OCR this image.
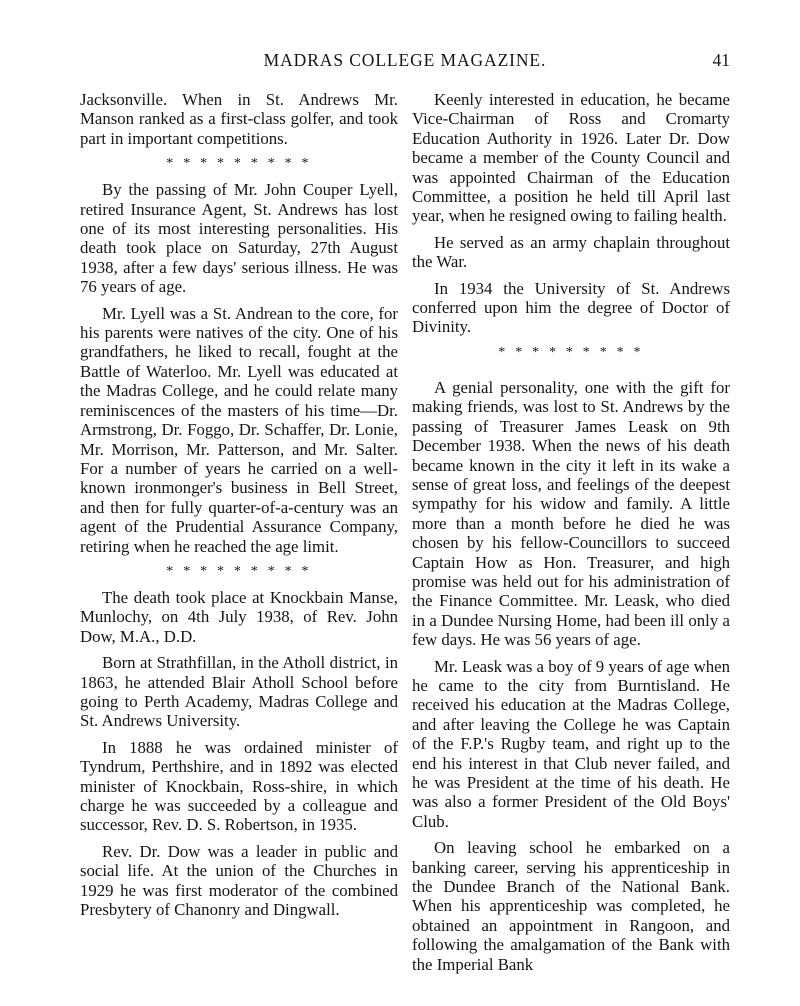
MADRAS COLLEGE MAGAZINE.	41

Jacksonville. When in St. Andrews Mr. Manson ranked as a first-class golfer, and took part in important competitions.

* * * * * * * * *

By the passing of Mr. John Couper Lyell, retired Insurance Agent, St. Andrews has lost one of its most interesting personalities. His death took place on Saturday, 27th August 1938, after a few days' serious illness. He was 76 years of age.

Mr. Lyell was a St. Andrean to the core, for his parents were natives of the city. One of his grandfathers, he liked to recall, fought at the Battle of Waterloo. Mr. Lyell was educated at the Madras College, and he could relate many reminiscences of the masters of his time—Dr. Armstrong, Dr. Foggo, Dr. Schaffer, Dr. Lonie, Mr. Morrison, Mr. Patterson, and Mr. Salter. For a number of years he carried on a well-known ironmonger's business in Bell Street, and then for fully quarter-of-a-century was an agent of the Prudential Assurance Company, retiring when he reached the age limit.

* * * * * * * * *

The death took place at Knockbain Manse, Munlochy, on 4th July 1938, of Rev. John Dow, M.A., D.D.

Born at Strathfillan, in the Atholl district, in 1863, he attended Blair Atholl School before going to Perth Academy, Madras College and St. Andrews University.

In 1888 he was ordained minister of Tyndrum, Perthshire, and in 1892 was elected minister of Knockbain, Ross-shire, in which charge he was succeeded by a colleague and successor, Rev. D. S. Robertson, in 1935.

Rev. Dr. Dow was a leader in public and social life. At the union of the Churches in 1929 he was first moderator of the combined Presbytery of Chanonry and Dingwall.

Keenly interested in education, he became Vice-Chairman of Ross and Cromarty Education Authority in 1926. Later Dr. Dow became a member of the County Council and was appointed Chairman of the Education Committee, a position he held till April last year, when he resigned owing to failing health.

He served as an army chaplain throughout the War.

In 1934 the University of St. Andrews conferred upon him the degree of Doctor of Divinity.

* * * * * * * * *

A genial personality, one with the gift for making friends, was lost to St. Andrews by the passing of Treasurer James Leask on 9th December 1938. When the news of his death became known in the city it left in its wake a sense of great loss, and feelings of the deepest sympathy for his widow and family. A little more than a month before he died he was chosen by his fellow-Councillors to succeed Captain How as Hon. Treasurer, and high promise was held out for his administration of the Finance Committee. Mr. Leask, who died in a Dundee Nursing Home, had been ill only a few days. He was 56 years of age.

Mr. Leask was a boy of 9 years of age when he came to the city from Burntisland. He received his education at the Madras College, and after leaving the College he was Captain of the F.P.'s Rugby team, and right up to the end his interest in that Club never failed, and he was President at the time of his death. He was also a former President of the Old Boys' Club.

On leaving school he embarked on a banking career, serving his apprenticeship in the Dundee Branch of the National Bank. When his apprenticeship was completed, he obtained an appointment in Rangoon, and following the amalgamation of the Bank with the Imperial Bank
